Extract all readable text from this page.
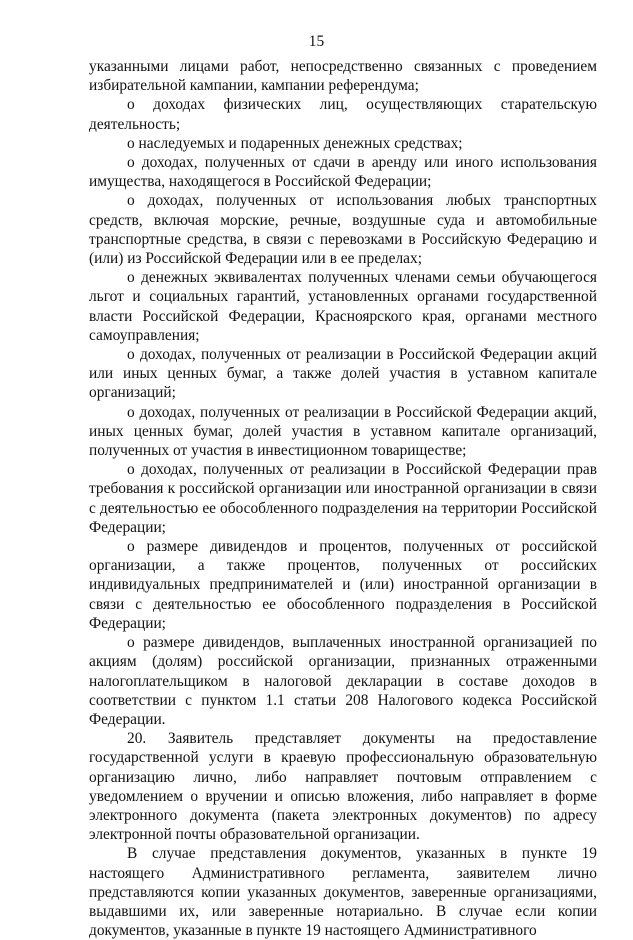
15

указанными лицами работ, непосредственно связанных с проведением избирательной кампании, кампании референдума;

о доходах физических лиц, осуществляющих старательскую деятельность;

о наследуемых и подаренных денежных средствах;

о доходах, полученных от сдачи в аренду или иного использования имущества, находящегося в Российской Федерации;

о доходах, полученных от использования любых транспортных средств, включая морские, речные, воздушные суда и автомобильные транспортные средства, в связи с перевозками в Российскую Федерацию и (или) из Российской Федерации или в ее пределах;

о денежных эквивалентах полученных членами семьи обучающегося льгот и социальных гарантий, установленных органами государственной власти Российской Федерации, Красноярского края, органами местного самоуправления;

о доходах, полученных от реализации в Российской Федерации акций или иных ценных бумаг, а также долей участия в уставном капитале организаций;

о доходах, полученных от реализации в Российской Федерации акций, иных ценных бумаг, долей участия в уставном капитале организаций, полученных от участия в инвестиционном товариществе;

о доходах, полученных от реализации в Российской Федерации прав требования к российской организации или иностранной организации в связи с деятельностью ее обособленного подразделения на территории Российской Федерации;

о размере дивидендов и процентов, полученных от российской организации, а также процентов, полученных от российских индивидуальных предпринимателей и (или) иностранной организации в связи с деятельностью ее обособленного подразделения в Российской Федерации;

о размере дивидендов, выплаченных иностранной организацией по акциям (долям) российской организации, признанных отраженными налогоплательщиком в налоговой декларации в составе доходов в соответствии с пунктом 1.1 статьи 208 Налогового кодекса Российской Федерации.

20. Заявитель представляет документы на предоставление государственной услуги в краевую профессиональную образовательную организацию лично, либо направляет почтовым отправлением с уведомлением о вручении и описью вложения, либо направляет в форме электронного документа (пакета электронных документов) по адресу электронной почты образовательной организации.

В случае представления документов, указанных в пункте 19 настоящего Административного регламента, заявителем лично представляются копии указанных документов, заверенные организациями, выдавшими их, или заверенные нотариально. В случае если копии документов, указанные в пункте 19 настоящего Административного
